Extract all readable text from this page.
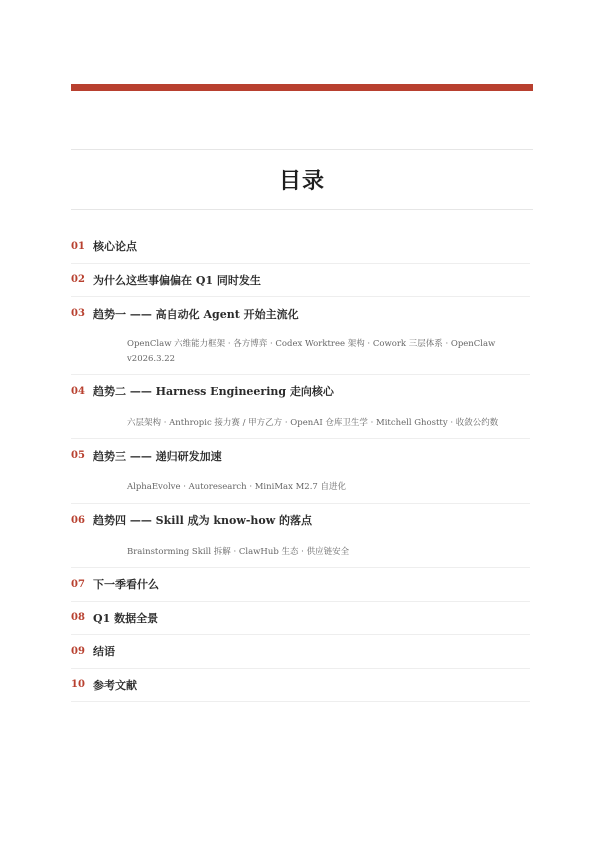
目录
01 核心论点
02 为什么这些事偏偏在 Q1 同时发生
03 趋势一 —— 高自动化 Agent 开始主流化
OpenClaw 六维能力框架 · 各方博弈 · Codex Worktree 架构 · Cowork 三层体系 · OpenClaw v2026.3.22
04 趋势二 —— Harness Engineering 走向核心
六层架构 · Anthropic 接力赛 / 甲方乙方 · OpenAI 仓库卫生学 · Mitchell Ghostty · 收敛公约数
05 趋势三 —— 递归研发加速
AlphaEvolve · Autoresearch · MiniMax M2.7 自进化
06 趋势四 —— Skill 成为 know-how 的落点
Brainstorming Skill 拆解 · ClawHub 生态 · 供应链安全
07 下一季看什么
08 Q1 数据全景
09 结语
10 参考文献
